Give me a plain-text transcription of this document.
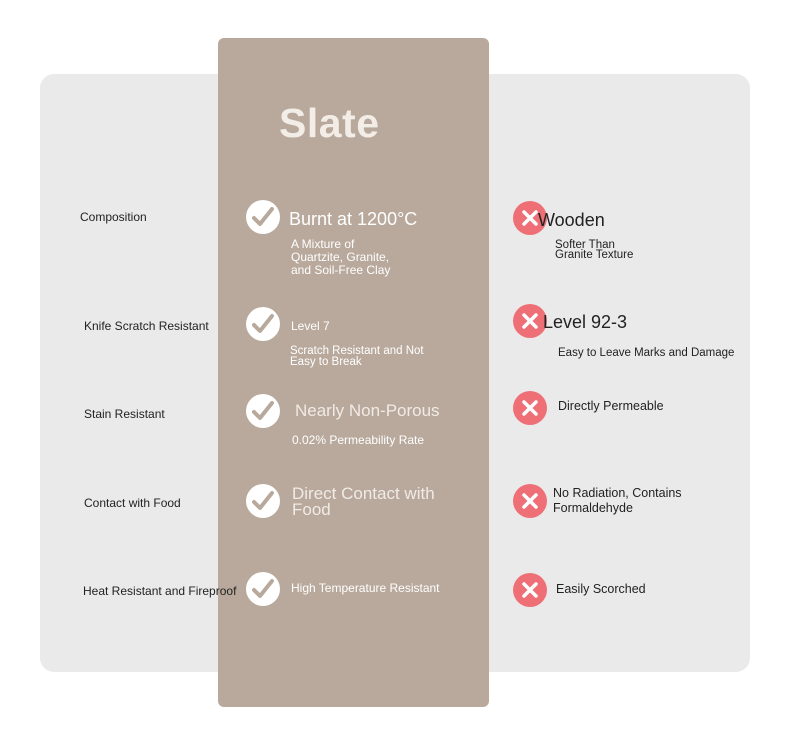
Slate

Composition

Knife Scratch Resistant

Stain Resistant

Contact with Food

Heat Resistant and Fireproof

Burnt at 1200°C

A Mixture of Quartzite, Granite, and Soil-Free Clay

Level 7

Scratch Resistant and Not Easy to Break

Nearly Non-Porous

0.02% Permeability Rate

Direct Contact with Food

High Temperature Resistant

Wooden

Softer Than Granite Texture

Level 92-3

Easy to Leave Marks and Damage

Directly Permeable

No Radiation, Contains Formaldehyde

Easily Scorched
